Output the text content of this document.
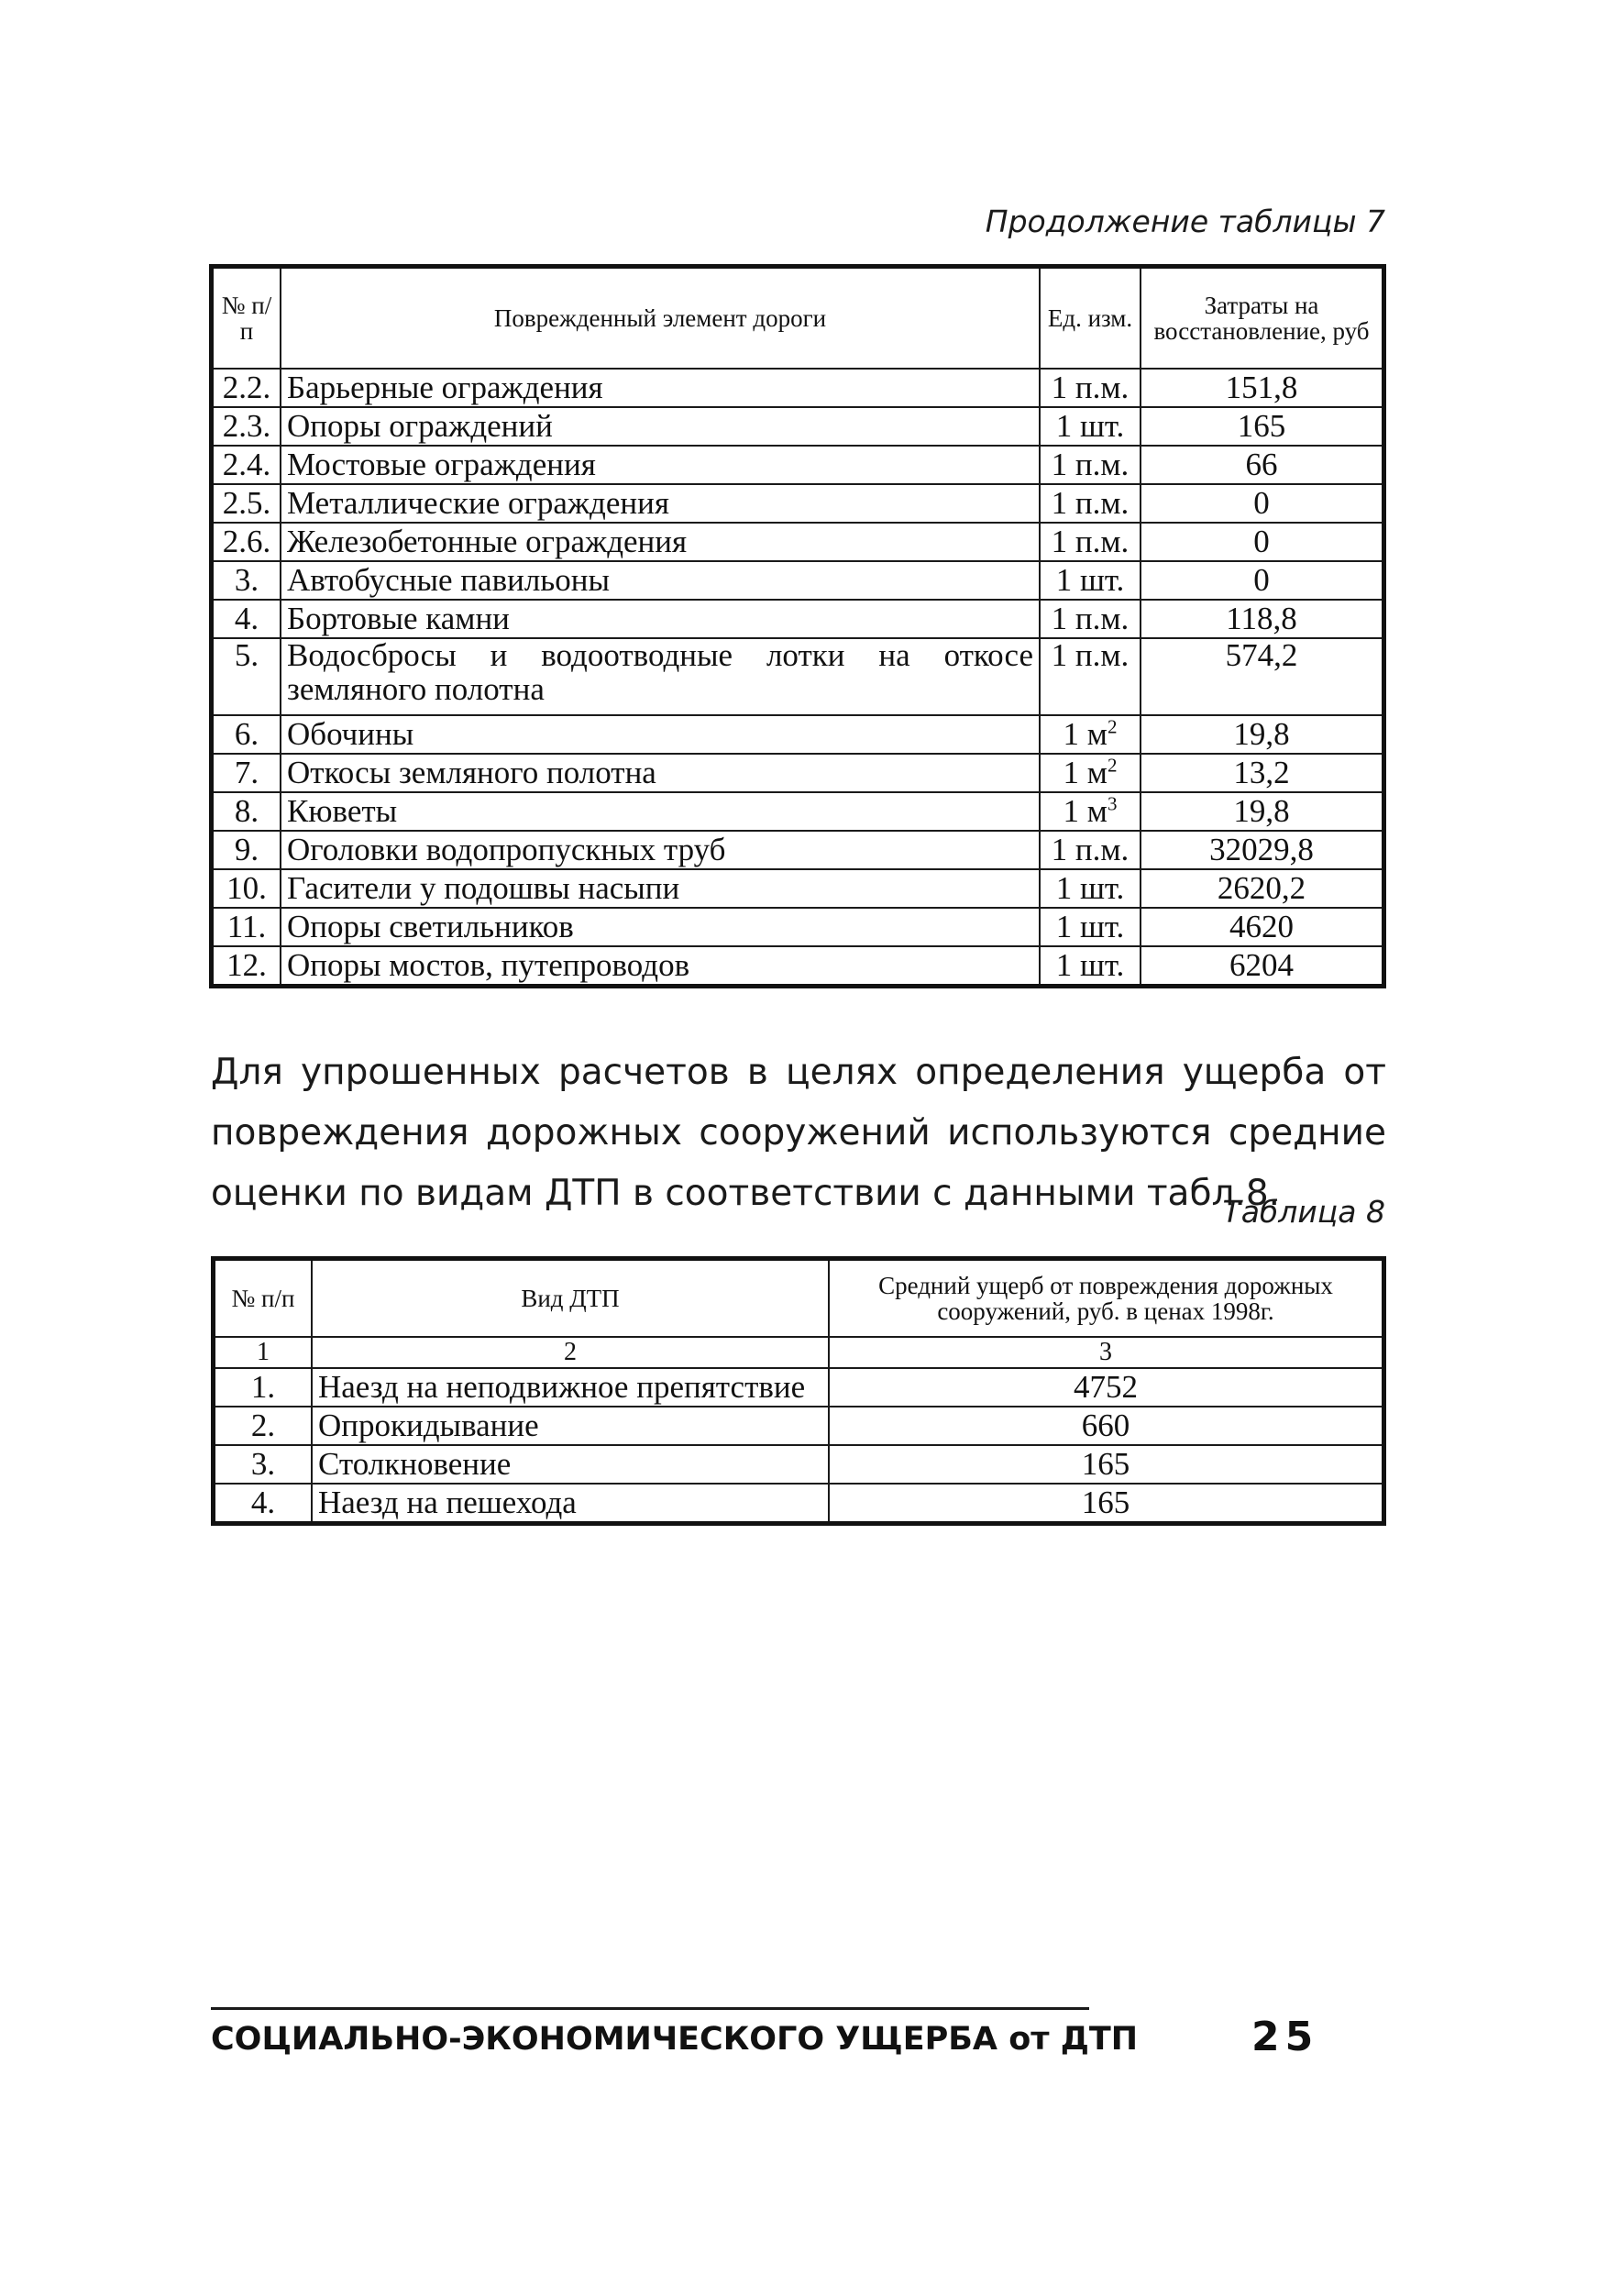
Продолжение таблицы 7
№ п/п	Поврежденный элемент дороги	Ед. изм.	Затраты на восстановление, руб
2.2.	Барьерные ограждения	1 п.м.	151,8
2.3.	Опоры ограждений	1 шт.	165
2.4.	Мостовые ограждения	1 п.м.	66
2.5.	Металлические ограждения	1 п.м.	0
2.6.	Железобетонные ограждения	1 п.м.	0
3.	Автобусные павильоны	1 шт.	0
4.	Бортовые камни	1 п.м.	118,8
5.	Водосбросы и водоотводные лотки на откосе земляного полотна	1 п.м.	574,2
6.	Обочины	1 $м^2$	19,8
7.	Откосы земляного полотна	1 $м^2$	13,2
8.	Кюветы	1 $м^3$	19,8
9.	Оголовки водопропускных труб	1 п.м.	32029,8
10.	Гасители у подошвы насыпи	1 шт.	2620,2
11.	Опоры светильников	1 шт.	4620
12.	Опоры мостов, путепроводов	1 шт.	6204
Для упрошенных расчетов в целях определения ущерба от
повреждения дорожных сооружений используются средние
оценки по видам ДТП в соответствии с данными табл.8.
Таблица 8
№ п/п	Вид ДТП	Средний ущерб от повреждения дорожных сооружений, руб. в ценах 1998г.
1	2	3
1.	Наезд на неподвижное препятствие	4752
2.	Опрокидывание	660
3.	Столкновение	165
4.	Наезд на пешехода	165
СОЦИАЛЬНО-ЭКОНОМИЧЕСКОГО УЩЕРБА от ДТП	25
